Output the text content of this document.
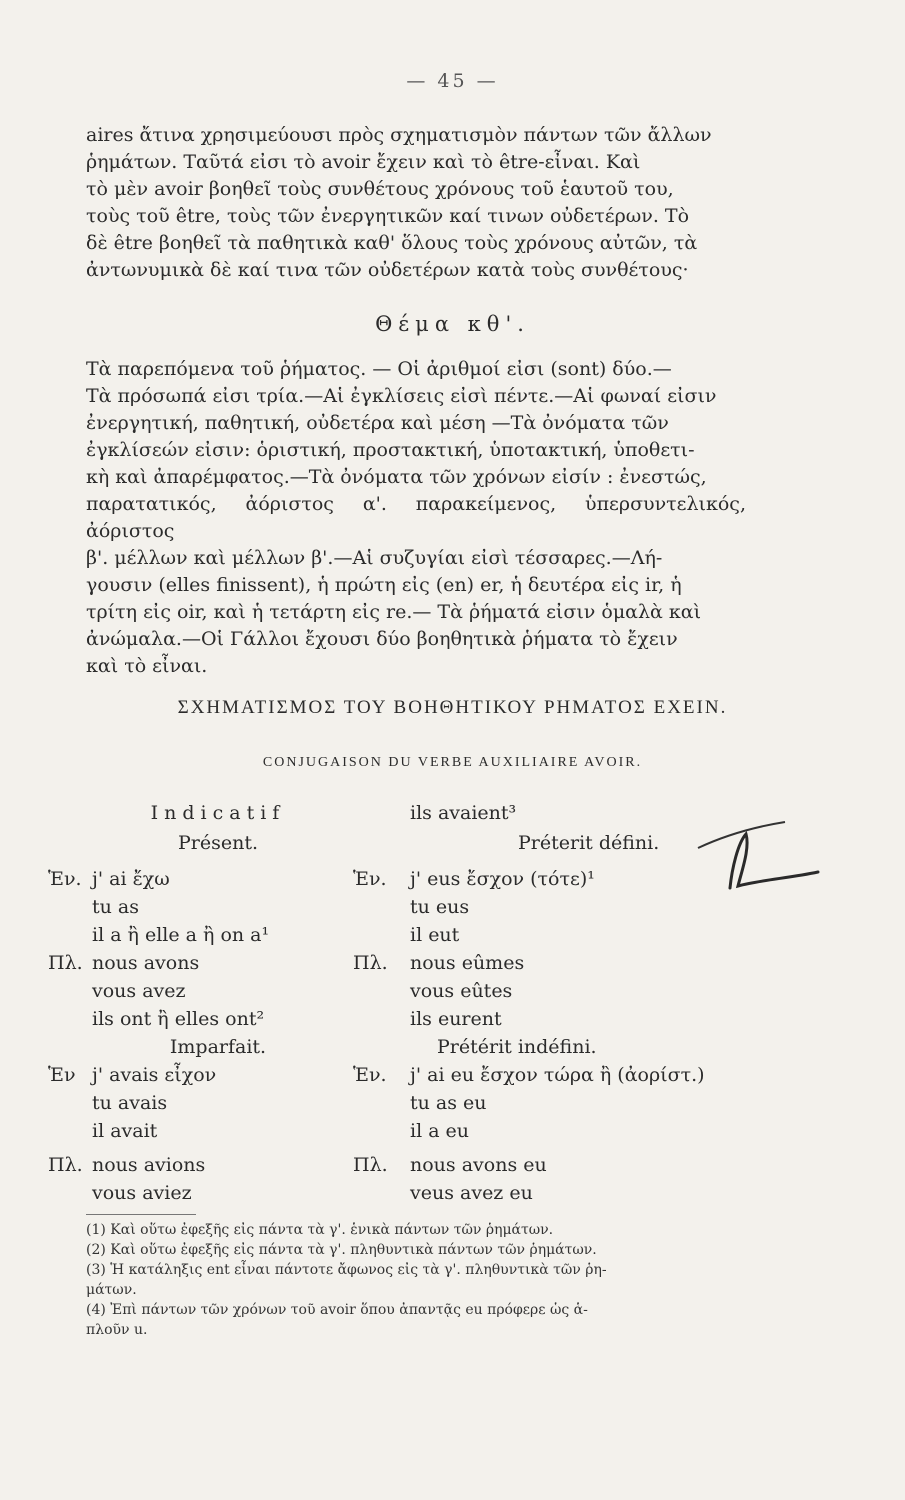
— 45 —

aires ἄτινα χρησιμεύουσι πρὸς σχηματισμὸν πάντων τῶν ἄλλων

ῥημάτων. Ταῦτά εἰσι τὸ avoir ἔχειν καὶ τὸ être-εἶναι. Καὶ

τὸ μὲν avoir βοηθεῖ τοὺς συνθέτους χρόνους τοῦ ἑαυτοῦ του,

τοὺς τοῦ être, τοὺς τῶν ἐνεργητικῶν καί τινων οὐδετέρων. Τὸ

δὲ être βοηθεῖ τὰ παθητικὰ καθ' ὅλους τοὺς χρόνους αὐτῶν, τὰ

ἀντωνυμικὰ δὲ καί τινα τῶν οὐδετέρων κατὰ τοὺς συνθέτους·

Θέμα κθ'.

Τὰ παρεπόμενα τοῦ ῥήματος. — Οἱ ἀριθμοί εἰσι (sont) δύο.—

Τὰ πρόσωπά εἰσι τρία.—Αἱ ἐγκλίσεις εἰσὶ πέντε.—Αἱ φωναί εἰσιν

ἐνεργητική, παθητική, οὐδετέρα καὶ μέση —Τὰ ὀνόματα τῶν

ἐγκλίσεών εἰσιν: ὁριστική, προστακτική, ὑποτακτική, ὑποθετι-

κὴ καὶ ἀπαρέμφατος.—Τὰ ὀνόματα τῶν χρόνων εἰσίν : ἐνεστώς,

παρατατικός, ἀόριστος α'. παρακείμενος, ὑπερσυντελικός, ἀόριστος

β'. μέλλων καὶ μέλλων β'.—Αἱ συζυγίαι εἰσὶ τέσσαρες.—Λή-

γουσιν (elles finissent), ἡ πρώτη εἰς (en) er, ἡ δευτέρα εἰς ir, ἡ

τρίτη εἰς oir, καὶ ἡ τετάρτη εἰς re.— Τὰ ῥήματά εἰσιν ὁμαλὰ καὶ

ἀνώμαλα.—Οἱ Γάλλοι ἔχουσι δύο βοηθητικὰ ῥήματα τὸ ἔχειν

καὶ τὸ εἶναι.

ΣΧΗΜΑΤΙΣΜΟΣ ΤΟΥ ΒΟΗΘΗΤΙΚΟΥ ΡΗΜΑΤΟΣ ΕΧΕΙΝ.
CONJUGAISON DU VERBE AUXILIAIRE AVOIR.
Indicatif
Présent.
Ἑν. j' ai ἔχω
tu as
il a ἢ elle a ἢ on a¹
Πλ. nous avons
vous avez
ils ont ἢ elles ont²
Imparfait.
Ἑν j' avais εἶχον
tu avais
il avait
Πλ. nous avions
vous aviez
ils avaient³
Préterit défini.
Ἑν. j' eus ἔσχον (τότε)¹
tu eus
il eut
Πλ. nous eûmes
vous eûtes
ils eurent
Prétérit indéfini.
Ἑν. j' ai eu ἔσχον τώρα ἢ (ἀορίστ.)
tu as eu
il a eu
Πλ. nous avons eu
veus avez eu
(1) Καὶ οὕτω ἐφεξῆς εἰς πάντα τὰ γ'. ἑνικὰ πάντων τῶν ῥημάτων.
(2) Καὶ οὕτω ἐφεξῆς εἰς πάντα τὰ γ'. πληθυντικὰ πάντων τῶν ῥημάτων.
(3) Ἡ κατάληξις ent εἶναι πάντοτε ἄφωνος εἰς τὰ γ'. πληθυντικὰ τῶν ῥη-
μάτων.
(4) Ἐπὶ πάντων τῶν χρόνων τοῦ avoir ὅπου ἀπαντᾷς eu πρόφερε ὡς ἁ-
πλοῦν u.
